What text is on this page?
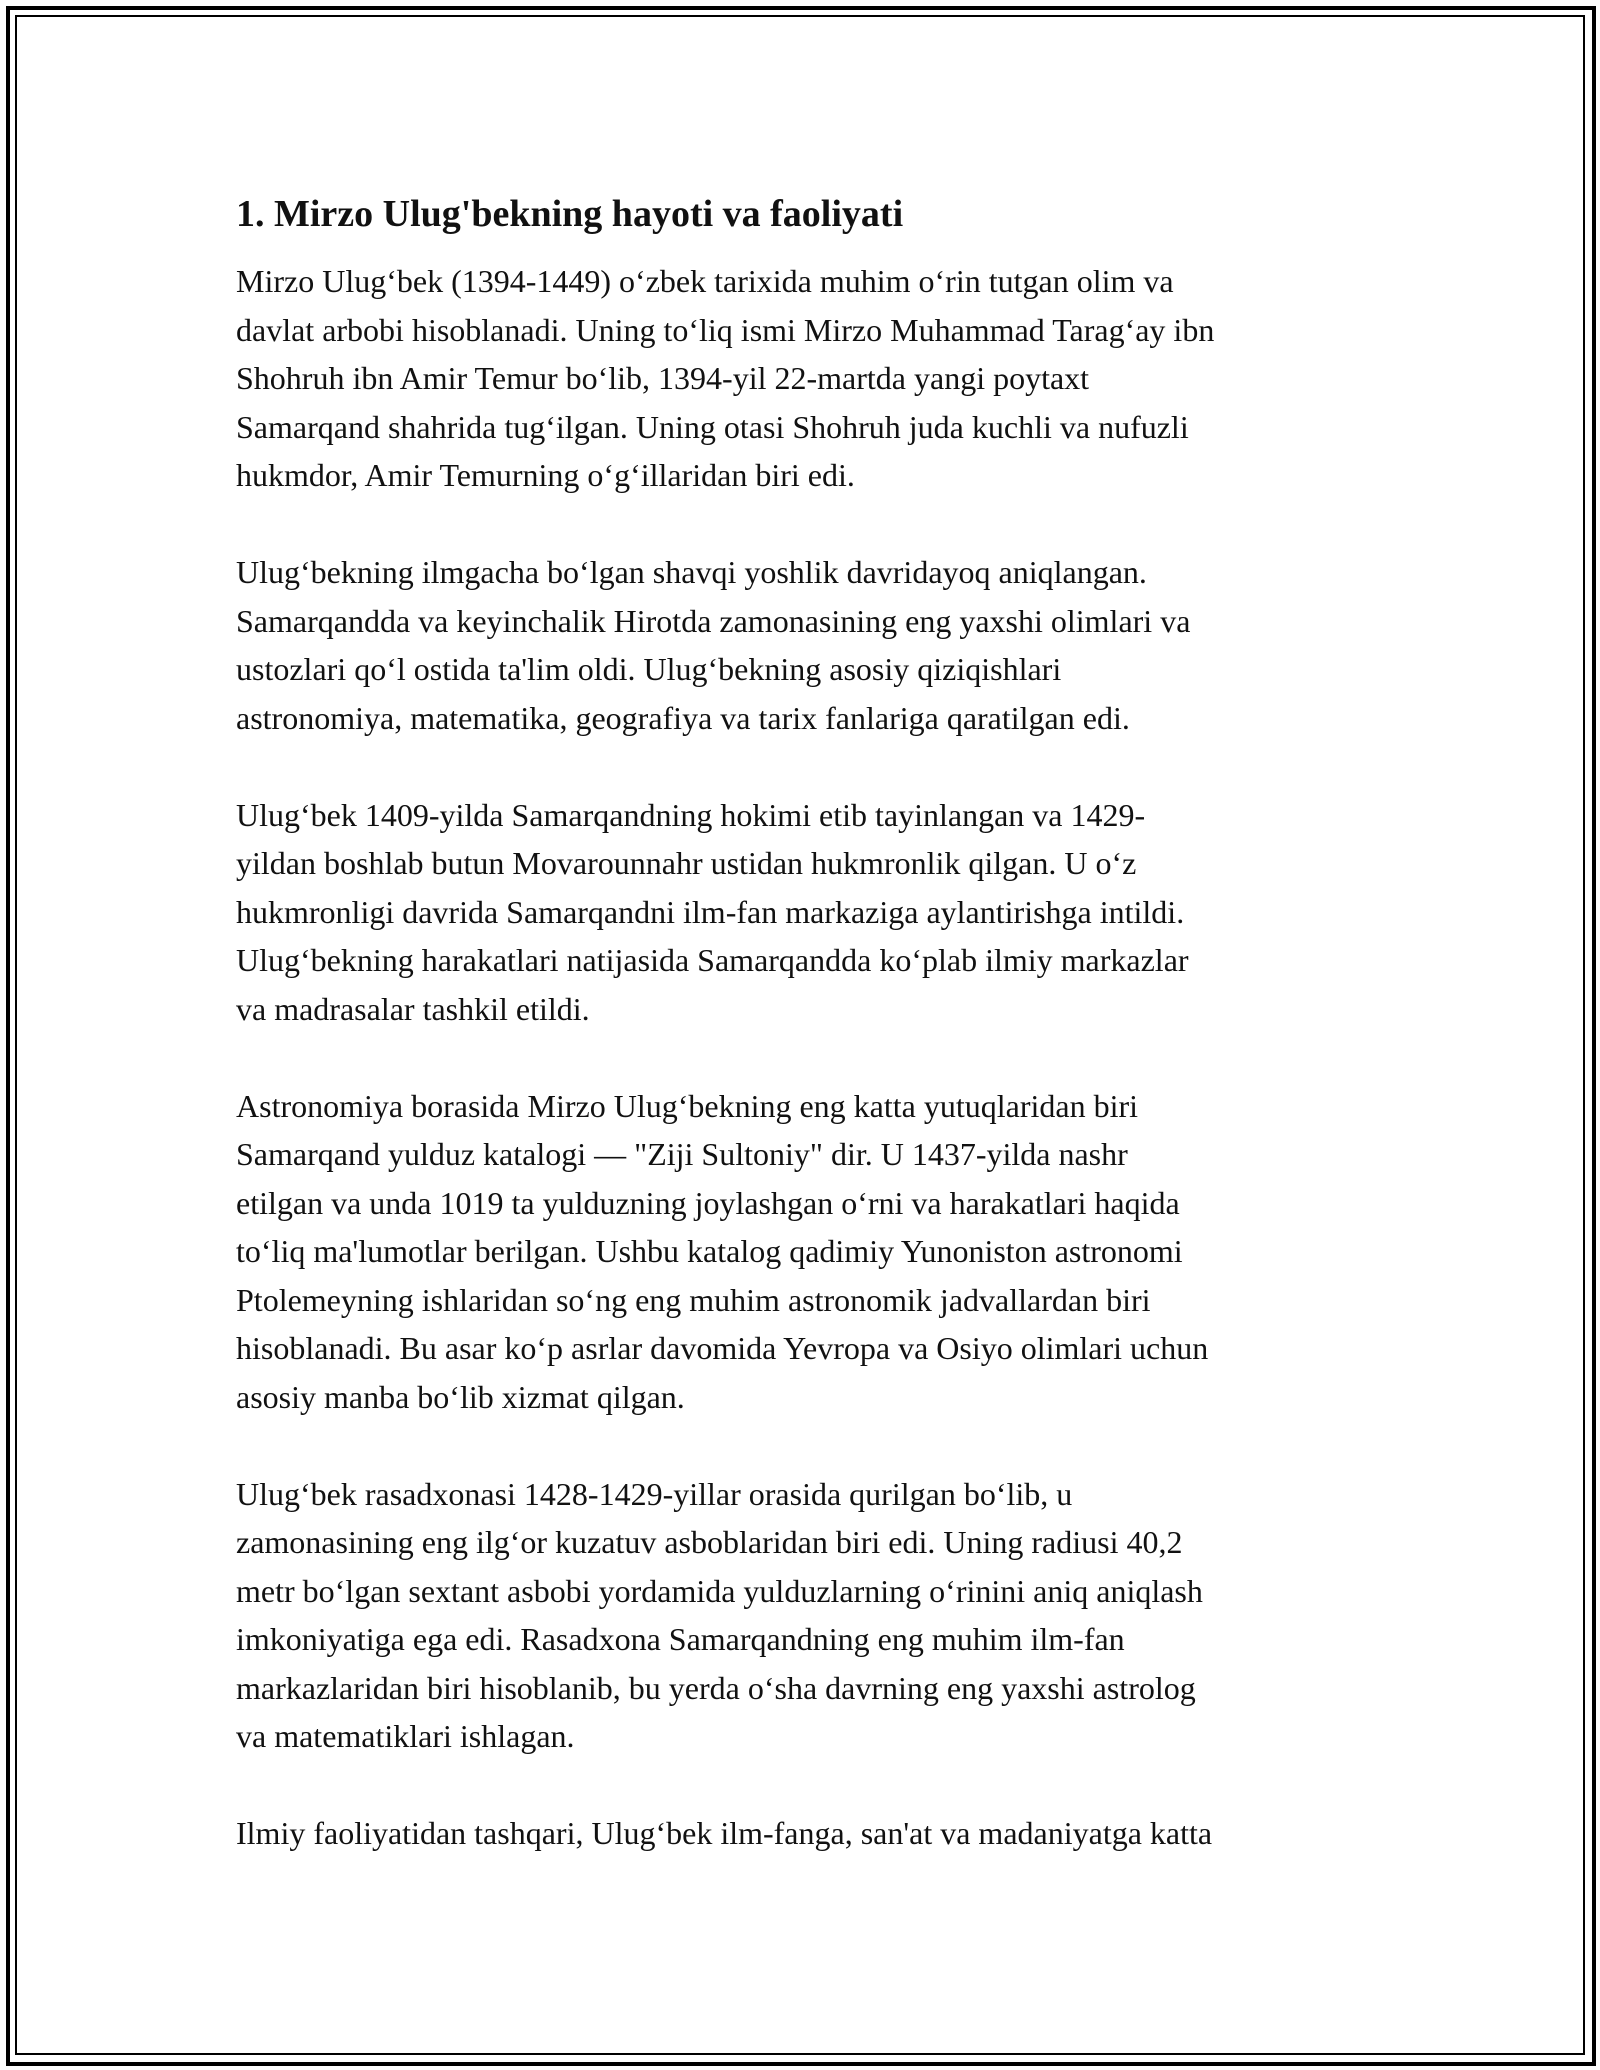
1. Mirzo Ulug'bekning hayoti va faoliyati

Mirzo Ulug‘bek (1394-1449) o‘zbek tarixida muhim o‘rin tutgan olim va
davlat arbobi hisoblanadi. Uning to‘liq ismi Mirzo Muhammad Tarag‘ay ibn
Shohruh ibn Amir Temur bo‘lib, 1394-yil 22-martda yangi poytaxt
Samarqand shahrida tug‘ilgan. Uning otasi Shohruh juda kuchli va nufuzli
hukmdor, Amir Temurning o‘g‘illaridan biri edi.

Ulug‘bekning ilmgacha bo‘lgan shavqi yoshlik davridayoq aniqlangan.
Samarqandda va keyinchalik Hirotda zamonasining eng yaxshi olimlari va
ustozlari qo‘l ostida ta'lim oldi. Ulug‘bekning asosiy qiziqishlari
astronomiya, matematika, geografiya va tarix fanlariga qaratilgan edi.

Ulug‘bek 1409-yilda Samarqandning hokimi etib tayinlangan va 1429-
yildan boshlab butun Movarounnahr ustidan hukmronlik qilgan. U o‘z
hukmronligi davrida Samarqandni ilm-fan markaziga aylantirishga intildi.
Ulug‘bekning harakatlari natijasida Samarqandda ko‘plab ilmiy markazlar
va madrasalar tashkil etildi.

Astronomiya borasida Mirzo Ulug‘bekning eng katta yutuqlaridan biri
Samarqand yulduz katalogi — "Ziji Sultoniy" dir. U 1437-yilda nashr
etilgan va unda 1019 ta yulduzning joylashgan o‘rni va harakatlari haqida
to‘liq ma'lumotlar berilgan. Ushbu katalog qadimiy Yunoniston astronomi
Ptolemeyning ishlaridan so‘ng eng muhim astronomik jadvallardan biri
hisoblanadi. Bu asar ko‘p asrlar davomida Yevropa va Osiyo olimlari uchun
asosiy manba bo‘lib xizmat qilgan.

Ulug‘bek rasadxonasi 1428-1429-yillar orasida qurilgan bo‘lib, u
zamonasining eng ilg‘or kuzatuv asboblaridan biri edi. Uning radiusi 40,2
metr bo‘lgan sextant asbobi yordamida yulduzlarning o‘rinini aniq aniqlash
imkoniyatiga ega edi. Rasadxona Samarqandning eng muhim ilm-fan
markazlaridan biri hisoblanib, bu yerda o‘sha davrning eng yaxshi astrolog
va matematiklari ishlagan.

Ilmiy faoliyatidan tashqari, Ulug‘bek ilm-fanga, san'at va madaniyatga katta
